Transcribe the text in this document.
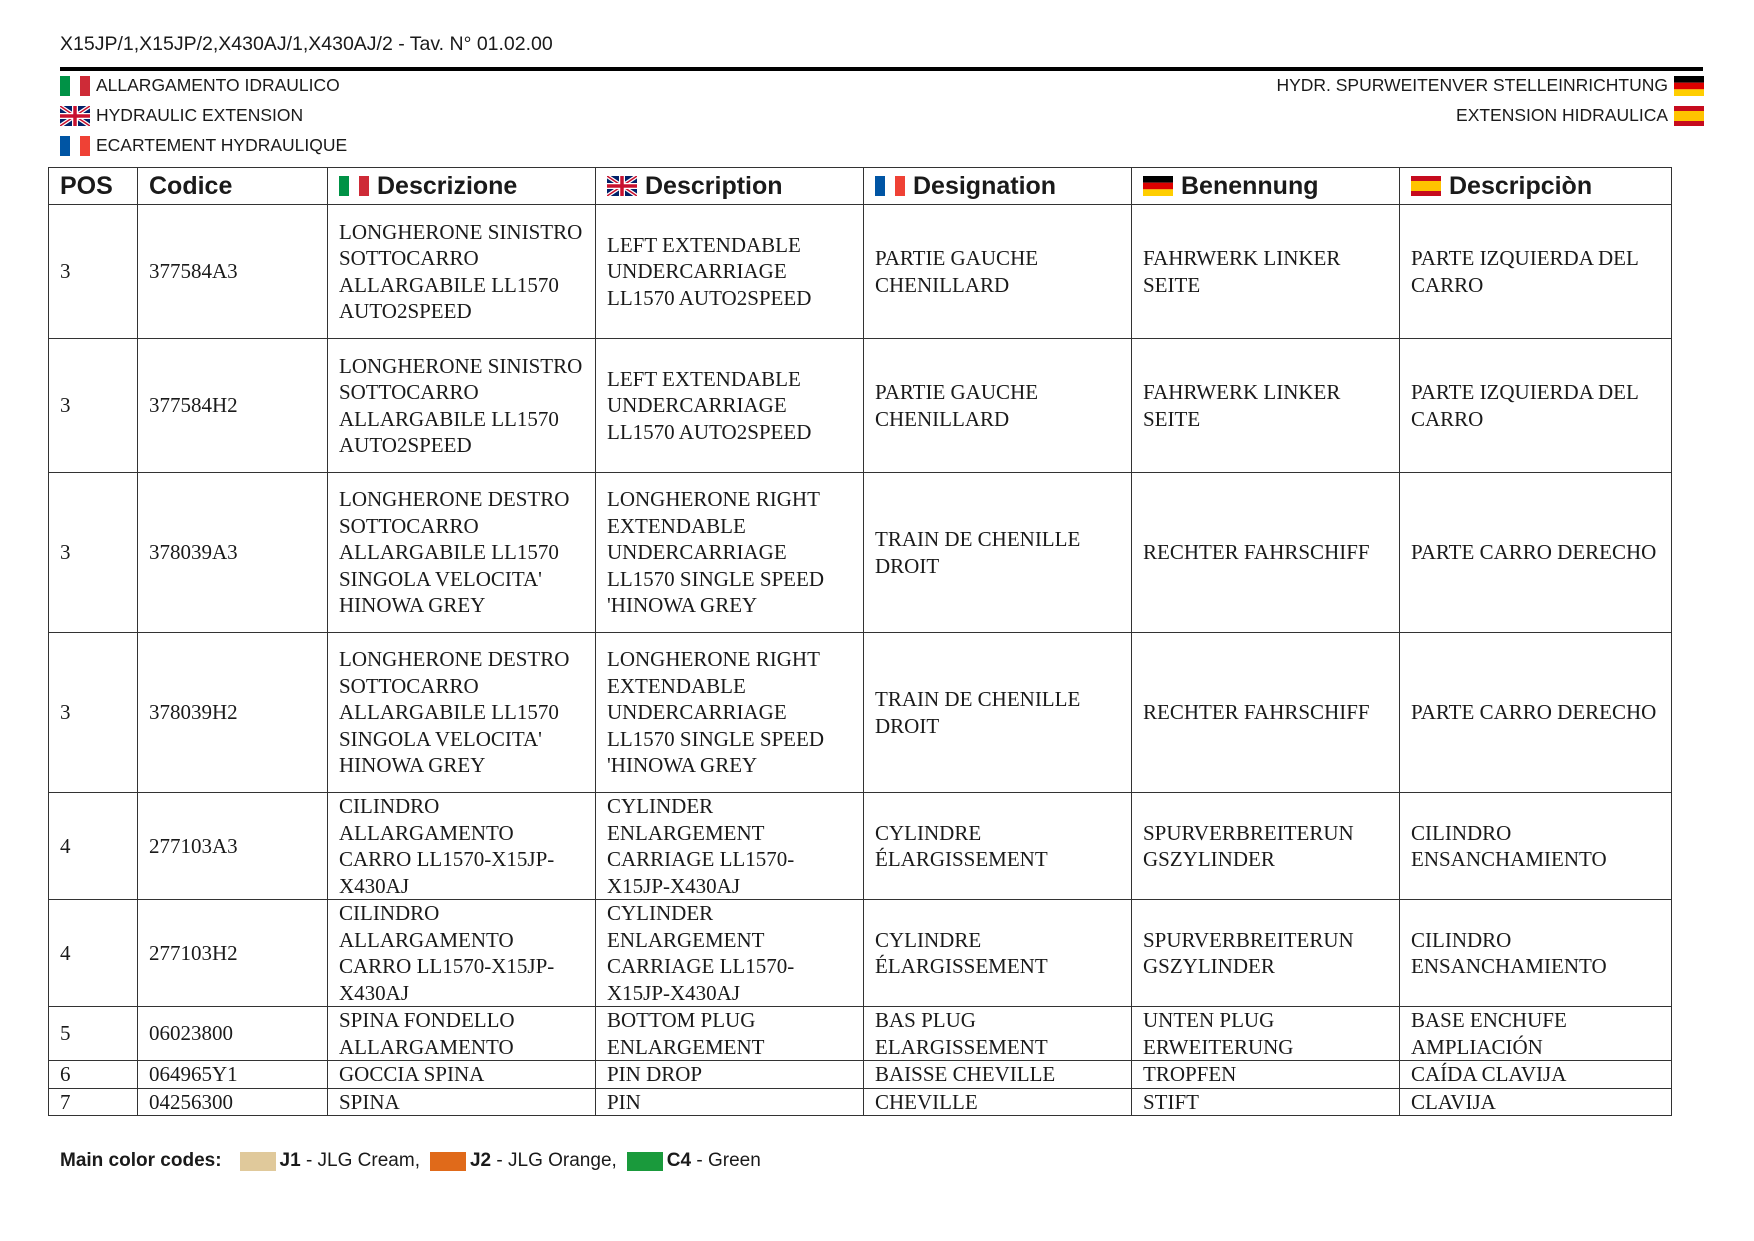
X15JP/1,X15JP/2,X430AJ/1,X430AJ/2 - Tav. N° 01.02.00
ALLARGAMENTO IDRAULICO
HYDRAULIC EXTENSION
ECARTEMENT HYDRAULIQUE
HYDR. SPURWEITENVER STELLEINRICHTUNG
EXTENSION HIDRAULICA
POS	Codice	Descrizione	Description	Designation	Benennung	Descripciòn

3	377584A3	LONGHERONE SINISTRO SOTTOCARRO ALLARGABILE LL1570 AUTO2SPEED	LEFT EXTENDABLE UNDERCARRIAGE LL1570 AUTO2SPEED	PARTIE GAUCHE CHENILLARD	FAHRWERK LINKER SEITE	PARTE IZQUIERDA DEL CARRO
3	377584H2	LONGHERONE SINISTRO SOTTOCARRO ALLARGABILE LL1570 AUTO2SPEED	LEFT EXTENDABLE UNDERCARRIAGE LL1570 AUTO2SPEED	PARTIE GAUCHE CHENILLARD	FAHRWERK LINKER SEITE	PARTE IZQUIERDA DEL CARRO
3	378039A3	LONGHERONE DESTRO SOTTOCARRO ALLARGABILE LL1570 SINGOLA VELOCITA' HINOWA GREY	LONGHERONE RIGHT EXTENDABLE UNDERCARRIAGE LL1570 SINGLE SPEED 'HINOWA GREY	TRAIN DE CHENILLE DROIT	RECHTER FAHRSCHIFF	PARTE CARRO DERECHO
3	378039H2	LONGHERONE DESTRO SOTTOCARRO ALLARGABILE LL1570 SINGOLA VELOCITA' HINOWA GREY	LONGHERONE RIGHT EXTENDABLE UNDERCARRIAGE LL1570 SINGLE SPEED 'HINOWA GREY	TRAIN DE CHENILLE DROIT	RECHTER FAHRSCHIFF	PARTE CARRO DERECHO
4	277103A3	CILINDRO ALLARGAMENTO CARRO LL1570-X15JP-X430AJ	CYLINDER ENLARGEMENT CARRIAGE LL1570-X15JP-X430AJ	CYLINDRE ÉLARGISSEMENT	SPURVERBREITERUN GSZYLINDER	CILINDRO ENSANCHAMIENTO
4	277103H2	CILINDRO ALLARGAMENTO CARRO LL1570-X15JP-X430AJ	CYLINDER ENLARGEMENT CARRIAGE LL1570-X15JP-X430AJ	CYLINDRE ÉLARGISSEMENT	SPURVERBREITERUN GSZYLINDER	CILINDRO ENSANCHAMIENTO
5	06023800	SPINA FONDELLO ALLARGAMENTO	BOTTOM PLUG ENLARGEMENT	BAS PLUG ELARGISSEMENT	UNTEN PLUG ERWEITERUNG	BASE ENCHUFE AMPLIACIÓN
6	064965Y1	GOCCIA SPINA	PIN DROP	BAISSE CHEVILLE	TROPFEN	CAÍDA CLAVIJA
7	04256300	SPINA	PIN	CHEVILLE	STIFT	CLAVIJA
Main color codes:	J1 - JLG Cream,	J2 - JLG Orange,	C4 - Green
